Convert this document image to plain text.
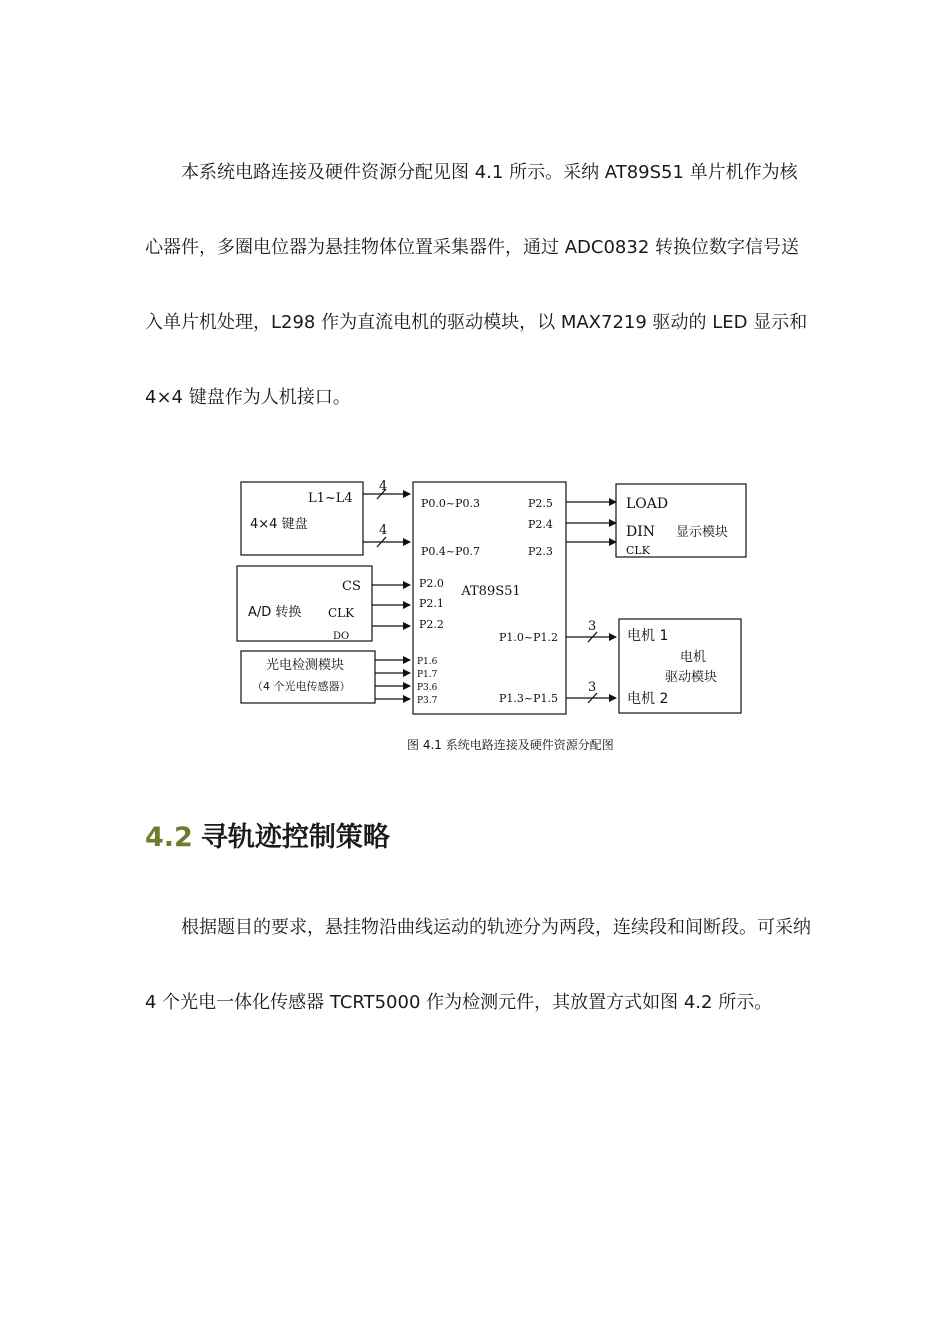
本系统电路连接及硬件资源分配见图 4.1 所示。采纳 AT89S51 单片机作为核心器件，多圈电位器为悬挂物体位置采集器件，通过 ADC0832 转换位数字信号送入单片机处理，L298 作为直流电机的驱动模块，以 MAX7219 驱动的 LED 显示和 4×4 键盘作为人机接口。

L1~L4
4×4 键盘
4
4
AT89S51
P0.0~P0.3
P0.4~P0.7
P2.0
P2.1
P2.2
P1.6
P1.7
P3.6
P3.7
P2.5
P2.4
P2.3
P1.0~P1.2
P1.3~P1.5
CS
A/D 转换 CLK
DO
光电检测模块
（4 个光电传感器）
LOAD
DIN
CLK
显示模块
电机 1
电机 2
电机
驱动模块
3
3
图 4.1 系统电路连接及硬件资源分配图
4.2 寻轨迹控制策略

根据题目的要求，悬挂物沿曲线运动的轨迹分为两段，连续段和间断段。可采纳 4 个光电一体化传感器 TCRT5000 作为检测元件，其放置方式如图 4.2 所示。
